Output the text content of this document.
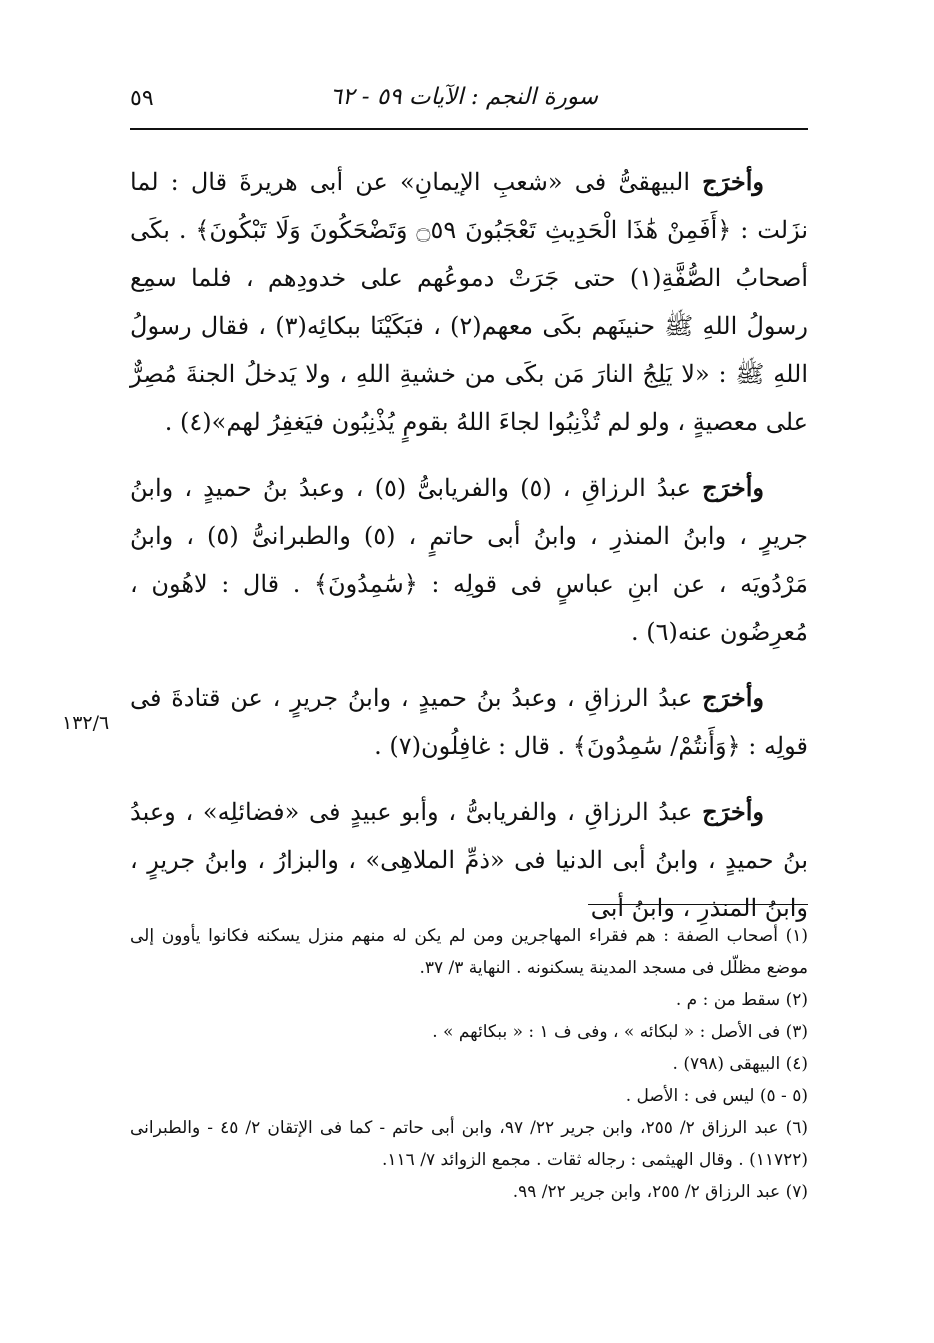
٥٩	سورة النجم : الآيات ٥٩ - ٦٢

وأخرَج البيهقىُّ فى «شعبِ الإيمانِ» عن أبى هريرةَ قال : لما نزَلت : ﴿أَفَمِنْ هَٰذَا الْحَدِيثِ تَعْجَبُونَ ۝٥٩ وَتَضْحَكُونَ وَلَا تَبْكُونَ﴾ . بكَى أصحابُ الصُّفَّةِ(١) حتى جَرَتْ دموعُهم على خدودِهم ، فلما سمِع رسولُ اللهِ ﷺ حنينَهم بكَى معهم(٢) ، فبَكَيْنَا ببكائِه(٣) ، فقال رسولُ اللهِ ﷺ : «لا يَلِجُ النارَ مَن بكَى من خشيةِ اللهِ ، ولا يَدخلُ الجنةَ مُصِرٌّ على معصيةٍ ، ولو لم تُذْنِبُوا لجاءَ اللهُ بقومٍ يُذْنِبُون فيَغفِرُ لهم»(٤) .

وأخرَج عبدُ الرزاقِ ، (٥) والفريابىُّ (٥) ، وعبدُ بنُ حميدٍ ، وابنُ جريرٍ ، وابنُ المنذرِ ، وابنُ أبى حاتمٍ ، (٥) والطبرانىُّ (٥) ، وابنُ مَرْدُويَه ، عن ابنِ عباسٍ فى قولِه : ﴿سَٰمِدُونَ﴾ . قال : لاهُون ، مُعرِضُون عنه(٦) .

وأخرَج عبدُ الرزاقِ ، وعبدُ بنُ حميدٍ ، وابنُ جريرٍ ، عن قتادةَ فى قولِه : ﴿وَأَنتُمْ/ سَٰمِدُونَ﴾ . قال : غافِلُون(٧) .

وأخرَج عبدُ الرزاقِ ، والفريابىُّ ، وأبو عبيدٍ فى «فضائلِه» ، وعبدُ بنُ حميدٍ ، وابنُ أبى الدنيا فى «ذمِّ الملاهِى» ، والبزارُ ، وابنُ جريرٍ ، وابنُ المنذرِ ، وابنُ أبى

١٣٢/٦

(١) أصحاب الصفة : هم فقراء المهاجرين ومن لم يكن له منهم منزل يسكنه فكانوا يأوون إلى موضع مظلّل فى مسجد المدينة يسكنونه . النهاية ٣/ ٣٧.

(٢) سقط من : م .

(٣) فى الأصل : « لبكائه » ، وفى ف ١ : « ببكائهم » .

(٤) البيهقى (٧٩٨) .

(٥ - ٥) ليس فى : الأصل .

(٦) عبد الرزاق ٢/ ٢٥٥، وابن جرير ٢٢/ ٩٧، وابن أبى حاتم - كما فى الإتقان ٢/ ٤٥ - والطبرانى (١١٧٢٢) . وقال الهيثمى : رجاله ثقات . مجمع الزوائد ٧/ ١١٦.

(٧) عبد الرزاق ٢/ ٢٥٥، وابن جرير ٢٢/ ٩٩.
